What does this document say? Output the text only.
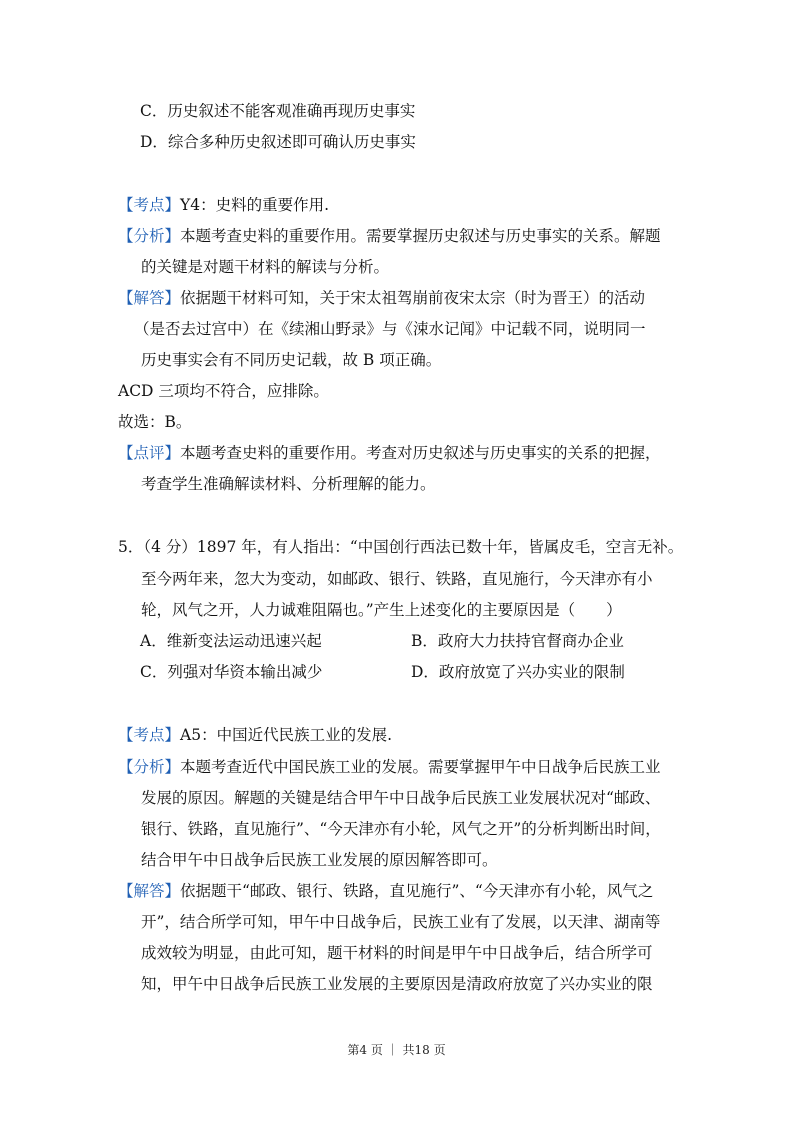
C．历史叙述不能客观准确再现历史事实
D．综合多种历史叙述即可确认历史事实
【考点】Y4：史料的重要作用.
【分析】本题考查史料的重要作用。需要掌握历史叙述与历史事实的关系。解题
的关键是对题干材料的解读与分析。
【解答】依据题干材料可知，关于宋太祖驾崩前夜宋太宗（时为晋王）的活动
（是否去过宫中）在《续湘山野录》与《涑水记闻》中记载不同，说明同一
历史事实会有不同历史记载，故 B 项正确。
ACD 三项均不符合，应排除。
故选：B。
【点评】本题考查史料的重要作用。考查对历史叙述与历史事实的关系的把握，
考查学生准确解读材料、分析理解的能力。
5．（4 分）1897 年，有人指出：“中国创行西法已数十年，皆属皮毛，空言无补。
至今两年来，忽大为变动，如邮政、银行、铁路，直见施行，今天津亦有小
轮，风气之开，人力诚难阻隔也。”产生上述变化的主要原因是（　　）
A．维新变法运动迅速兴起	B．政府大力扶持官督商办企业
C．列强对华资本输出减少	D．政府放宽了兴办实业的限制
【考点】A5：中国近代民族工业的发展.
【分析】本题考查近代中国民族工业的发展。需要掌握甲午中日战争后民族工业
发展的原因。解题的关键是结合甲午中日战争后民族工业发展状况对“邮政、
银行、铁路，直见施行”、“今天津亦有小轮，风气之开”的分析判断出时间，
结合甲午中日战争后民族工业发展的原因解答即可。
【解答】依据题干“邮政、银行、铁路，直见施行”、“今天津亦有小轮，风气之
开”，结合所学可知，甲午中日战争后，民族工业有了发展，以天津、湖南等
成效较为明显，由此可知，题干材料的时间是甲午中日战争后，结合所学可
知，甲午中日战争后民族工业发展的主要原因是清政府放宽了兴办实业的限
第4 页 ｜ 共18 页
